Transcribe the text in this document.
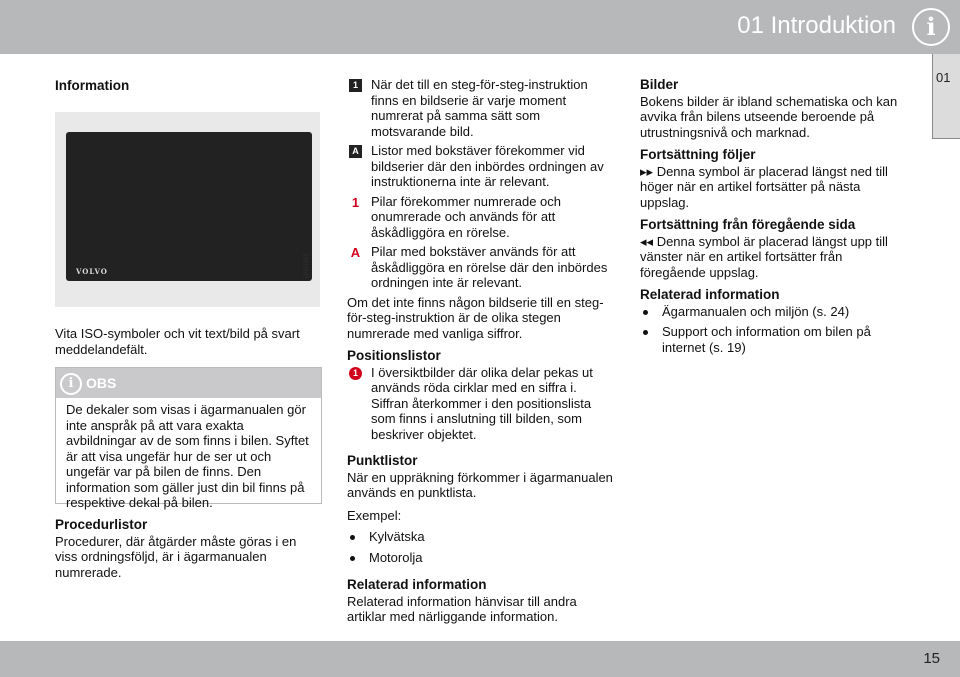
01 Introduktion	i
01

Information

VOLVO	G031593
Vita ISO-symboler och vit text/bild på svart meddelandefält.
i OBS
De dekaler som visas i ägarmanualen gör inte anspråk på att vara exakta avbildningar av de som finns i bilen. Syftet är att visa ungefär hur de ser ut och ungefär var på bilen de finns. Den information som gäller just din bil finns på respektive dekal på bilen.

Procedurlistor

Procedurer, där åtgärder måste göras i en viss ordningsföljd, är i ägarmanualen numrerade.

1	När det till en steg-för-steg-instruktion finns en bildserie är varje moment numrerat på samma sätt som motsvarande bild.
A Listor med bokstäver förekommer vid bildserier där den inbördes ordningen av instruktionerna inte är relevant.
1 Pilar förekommer numrerade och onumrerade och används för att åskådliggöra en rörelse.
A Pilar med bokstäver används för att åskådliggöra en rörelse där den inbördes ordningen inte är relevant.

Om det inte finns någon bildserie till en steg-för-steg-instruktion är de olika stegen numrerade med vanliga siffror.

Positionslistor

1	I översiktbilder där olika delar pekas ut används röda cirklar med en siffra i. Siffran återkommer i den positionslista som finns i anslutning till bilden, som beskriver objektet.

Punktlistor

När en uppräkning förkommer i ägarmanualen används en punktlista.

Exempel:

Kylvätska
Motorolja

Relaterad information

Relaterad information hänvisar till andra artiklar med närliggande information.

Bilder

Bokens bilder är ibland schematiska och kan avvika från bilens utseende beroende på utrustningsnivå och marknad.

Fortsättning följer

▸▸ Denna symbol är placerad längst ned till höger när en artikel fortsätter på nästa uppslag.

Fortsättning från föregående sida

◂◂ Denna symbol är placerad längst upp till vänster när en artikel fortsätter från föregående uppslag.

Relaterad information

Ägarmanualen och miljön (s. 24)
Support och information om bilen på internet (s. 19)
15
